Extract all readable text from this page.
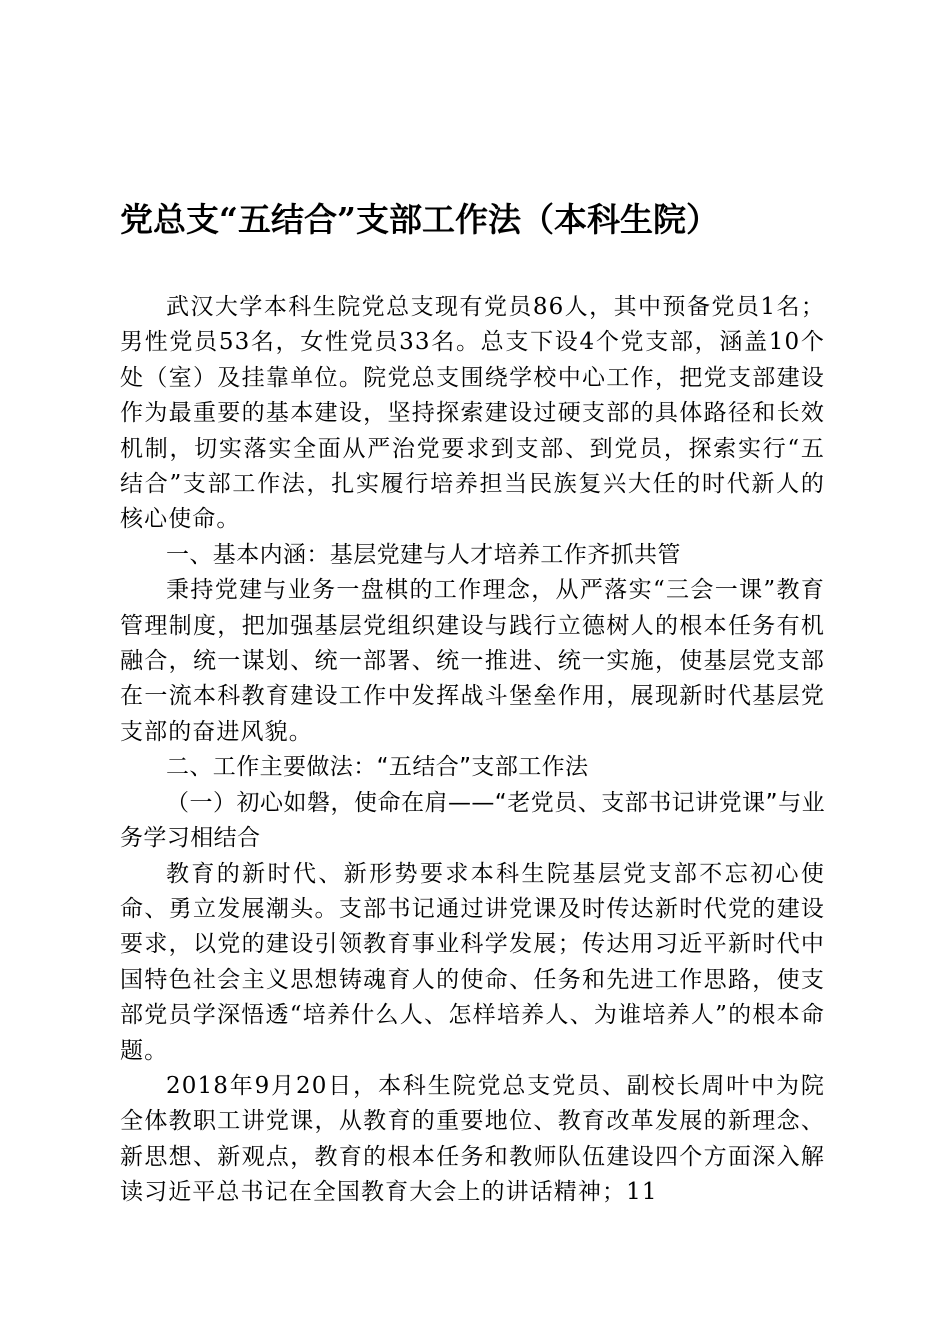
党总支“五结合”支部工作法（本科生院）

武汉大学本科生院党总支现有党员86人，其中预备党员1名；男性党员53名，女性党员33名。总支下设4个党支部，涵盖10个处（室）及挂靠单位。院党总支围绕学校中心工作，把党支部建设作为最重要的基本建设，坚持探索建设过硬支部的具体路径和长效机制，切实落实全面从严治党要求到支部、到党员，探索实行“五结合”支部工作法，扎实履行培养担当民族复兴大任的时代新人的核心使命。

一、基本内涵：基层党建与人才培养工作齐抓共管

秉持党建与业务一盘棋的工作理念，从严落实“三会一课”教育管理制度，把加强基层党组织建设与践行立德树人的根本任务有机融合，统一谋划、统一部署、统一推进、统一实施，使基层党支部在一流本科教育建设工作中发挥战斗堡垒作用，展现新时代基层党支部的奋进风貌。

二、工作主要做法：“五结合”支部工作法

（一）初心如磐，使命在肩——“老党员、支部书记讲党课”与业务学习相结合

教育的新时代、新形势要求本科生院基层党支部不忘初心使命、勇立发展潮头。支部书记通过讲党课及时传达新时代党的建设要求，以党的建设引领教育事业科学发展；传达用习近平新时代中国特色社会主义思想铸魂育人的使命、任务和先进工作思路，使支部党员学深悟透“培养什么人、怎样培养人、为谁培养人”的根本命题。

2018年9月20日，本科生院党总支党员、副校长周叶中为院全体教职工讲党课，从教育的重要地位、教育改革发展的新理念、新思想、新观点，教育的根本任务和教师队伍建设四个方面深入解读习近平总书记在全国教育大会上的讲话精神；11
